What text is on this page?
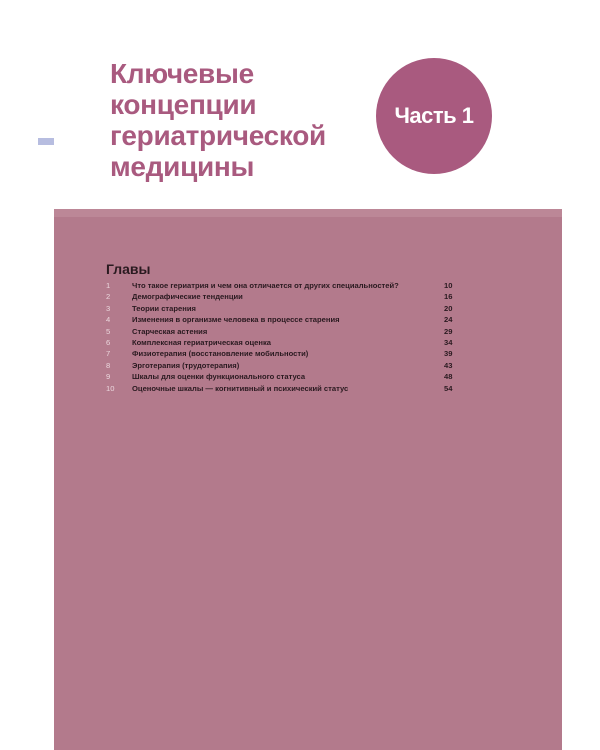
Ключевые
концепции
гериатрической
медицины
Часть 1
Главы
1	Что такое гериатрия и чем она отличается от других специальностей?	10
2	Демографические тенденции	16
3	Теории старения	20
4	Изменения в организме человека в процессе старения	24
5	Старческая астения	29
6	Комплексная гериатрическая оценка	34
7	Физиотерапия (восстановление мобильности)	39
8	Эрготерапия (трудотерапия)	43
9	Шкалы для оценки функционального статуса	48
10 Оценочные шкалы — когнитивный и психический статус	54
